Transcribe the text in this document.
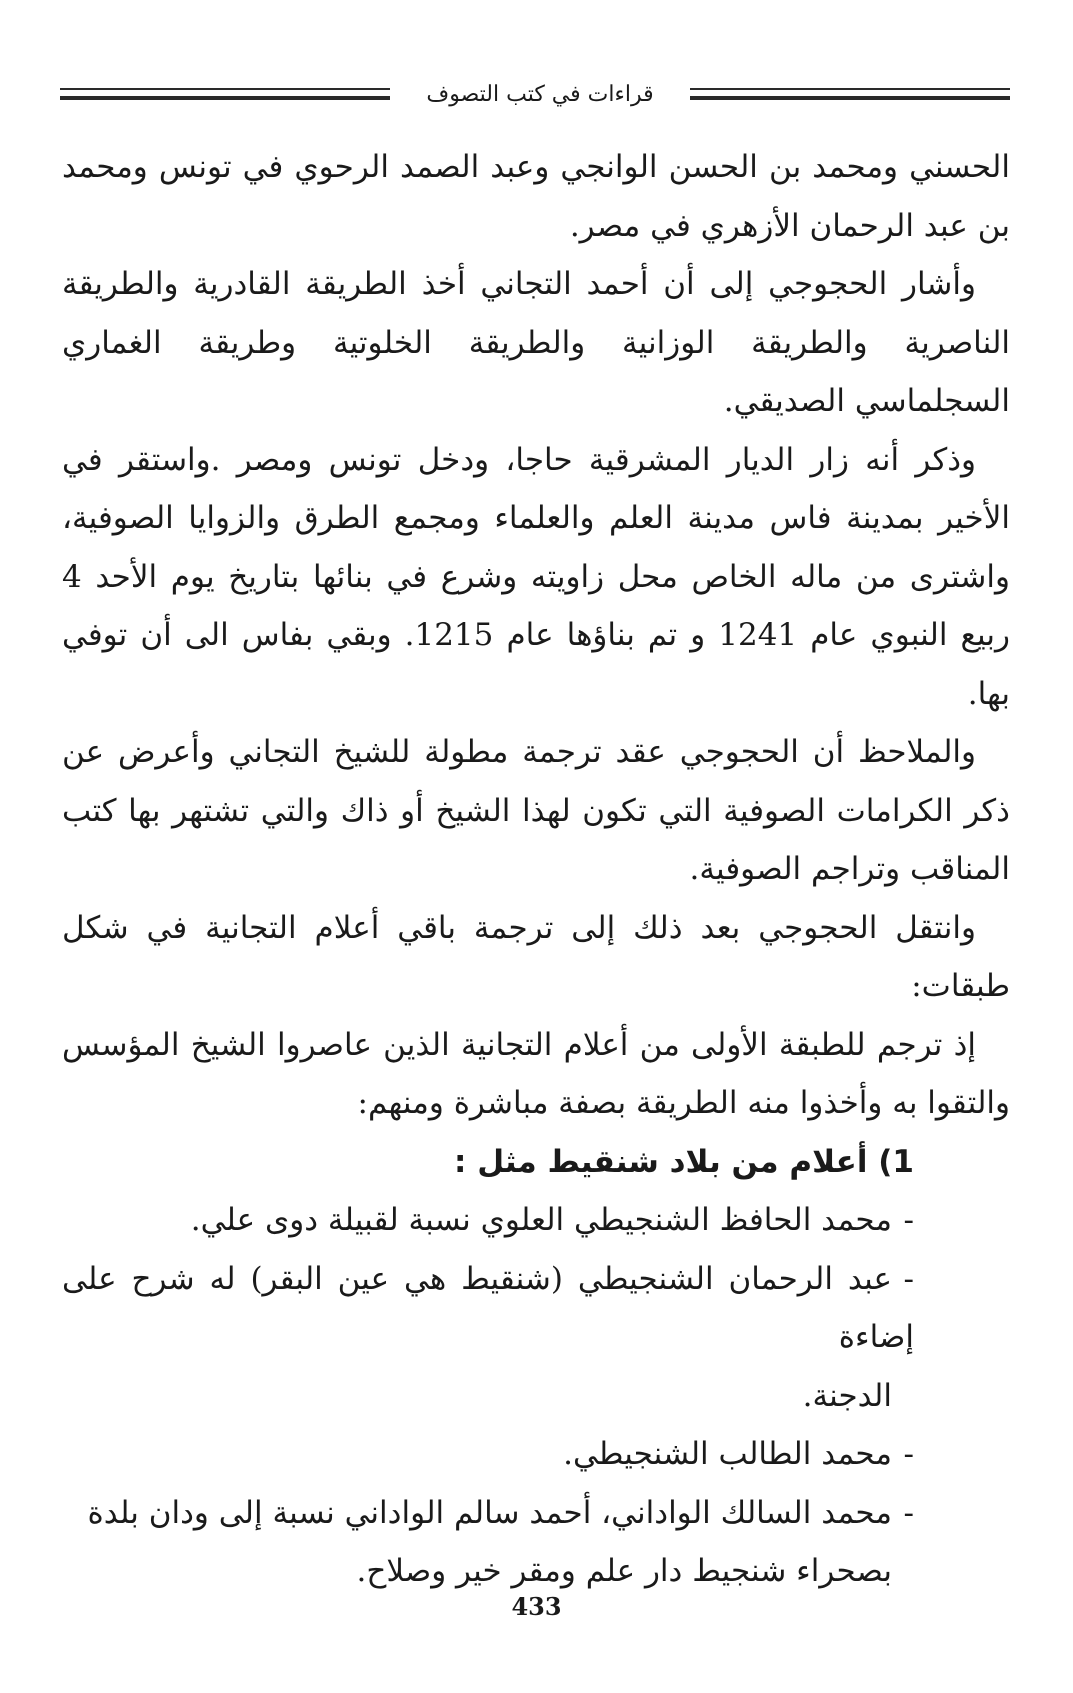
قراءات في كتب التصوف

الحسني ومحمد بن الحسن الوانجي وعبد الصمد الرحوي في تونس ومحمد بن عبد الرحمان الأزهري في مصر.

وأشار الحجوجي إلى أن أحمد التجاني أخذ الطريقة القادرية والطريقة الناصرية والطريقة الوزانية والطريقة الخلوتية وطريقة الغماري السجلماسي الصديقي.

وذكر أنه زار الديار المشرقية حاجا، ودخل تونس ومصر .واستقر في الأخير بمدينة فاس مدينة العلم والعلماء ومجمع الطرق والزوايا الصوفية، واشترى من ماله الخاص محل زاويته وشرع في بنائها بتاريخ يوم الأحد 4 ربيع النبوي عام 1241 و تم بناؤها عام 1215. وبقي بفاس الى أن توفي بها.

والملاحظ أن الحجوجي عقد ترجمة مطولة للشيخ التجاني وأعرض عن ذكر الكرامات الصوفية التي تكون لهذا الشيخ أو ذاك والتي تشتهر بها كتب المناقب وتراجم الصوفية.

وانتقل الحجوجي بعد ذلك إلى ترجمة باقي أعلام التجانية في شكل طبقات:

إذ ترجم للطبقة الأولى من أعلام التجانية الذين عاصروا الشيخ المؤسس والتقوا به وأخذوا منه الطريقة بصفة مباشرة ومنهم:

1) أعلام من بلاد شنقيط مثل :

-محمد الحافظ الشنجيطي العلوي نسبة لقبيلة دوى علي.

-عبد الرحمان الشنجيطي (شنقيط هي عين البقر) له شرح على إضاءة
الدجنة.

-محمد الطالب الشنجيطي.

-محمد السالك الواداني، أحمد سالم الواداني نسبة إلى ودان بلدة
بصحراء شنجيط دار علم ومقر خير وصلاح.

433
